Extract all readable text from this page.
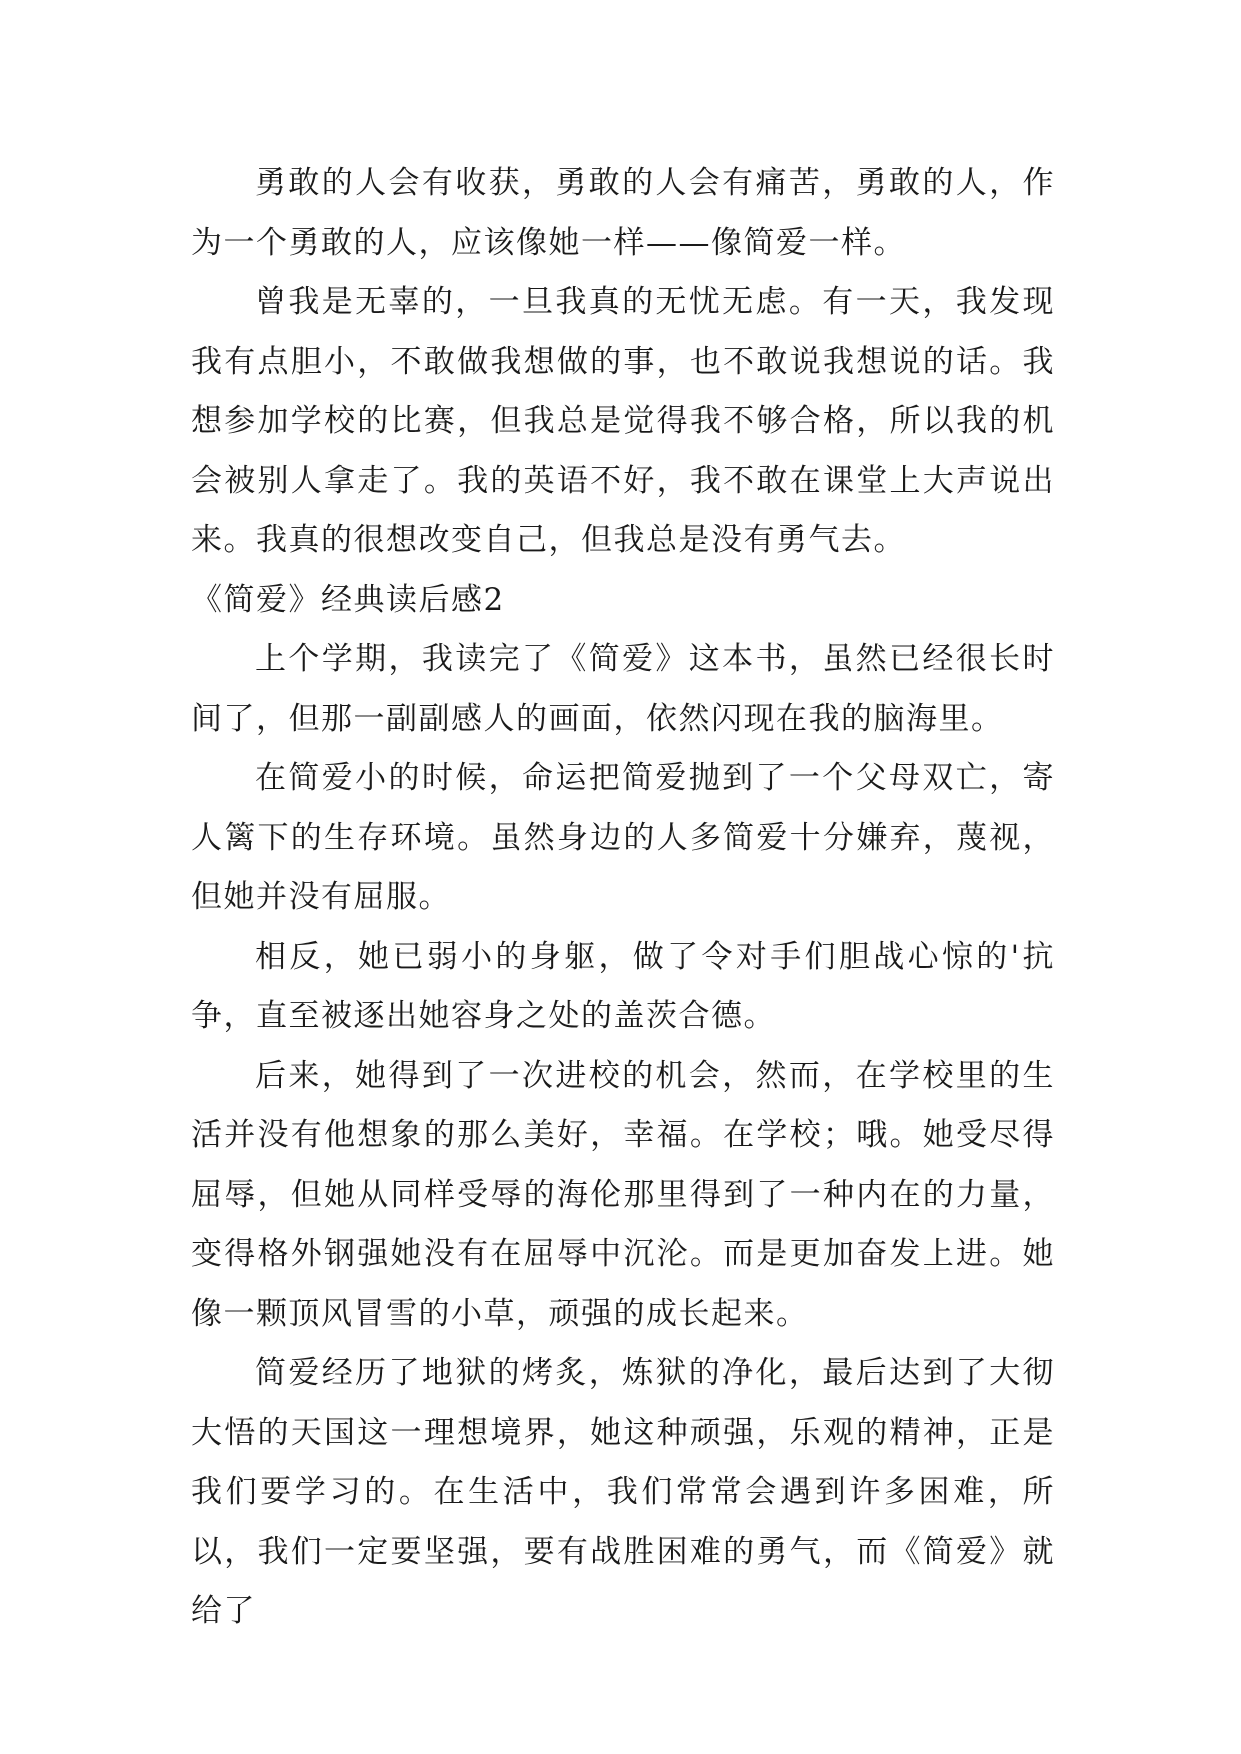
勇敢的人会有收获，勇敢的人会有痛苦，勇敢的人，作为一个勇敢的人，应该像她一样——像简爱一样。

曾我是无辜的，一旦我真的无忧无虑。有一天，我发现我有点胆小，不敢做我想做的事，也不敢说我想说的话。我想参加学校的比赛，但我总是觉得我不够合格，所以我的机会被别人拿走了。我的英语不好，我不敢在课堂上大声说出来。我真的很想改变自己，但我总是没有勇气去。

《简爱》经典读后感2

上个学期，我读完了《简爱》这本书，虽然已经很长时间了，但那一副副感人的画面，依然闪现在我的脑海里。

在简爱小的时候，命运把简爱抛到了一个父母双亡，寄人篱下的生存环境。虽然身边的人多简爱十分嫌弃，蔑视，但她并没有屈服。

相反，她已弱小的身躯，做了令对手们胆战心惊的'抗争，直至被逐出她容身之处的盖茨合德。

后来，她得到了一次进校的机会，然而，在学校里的生活并没有他想象的那么美好，幸福。在学校；哦。她受尽得屈辱，但她从同样受辱的海伦那里得到了一种内在的力量，变得格外钢强她没有在屈辱中沉沦。而是更加奋发上进。她像一颗顶风冒雪的小草，顽强的成长起来。

简爱经历了地狱的烤炙，炼狱的净化，最后达到了大彻大悟的天国这一理想境界，她这种顽强，乐观的精神，正是我们要学习的。在生活中，我们常常会遇到许多困难，所以，我们一定要坚强，要有战胜困难的勇气，而《简爱》就给了
